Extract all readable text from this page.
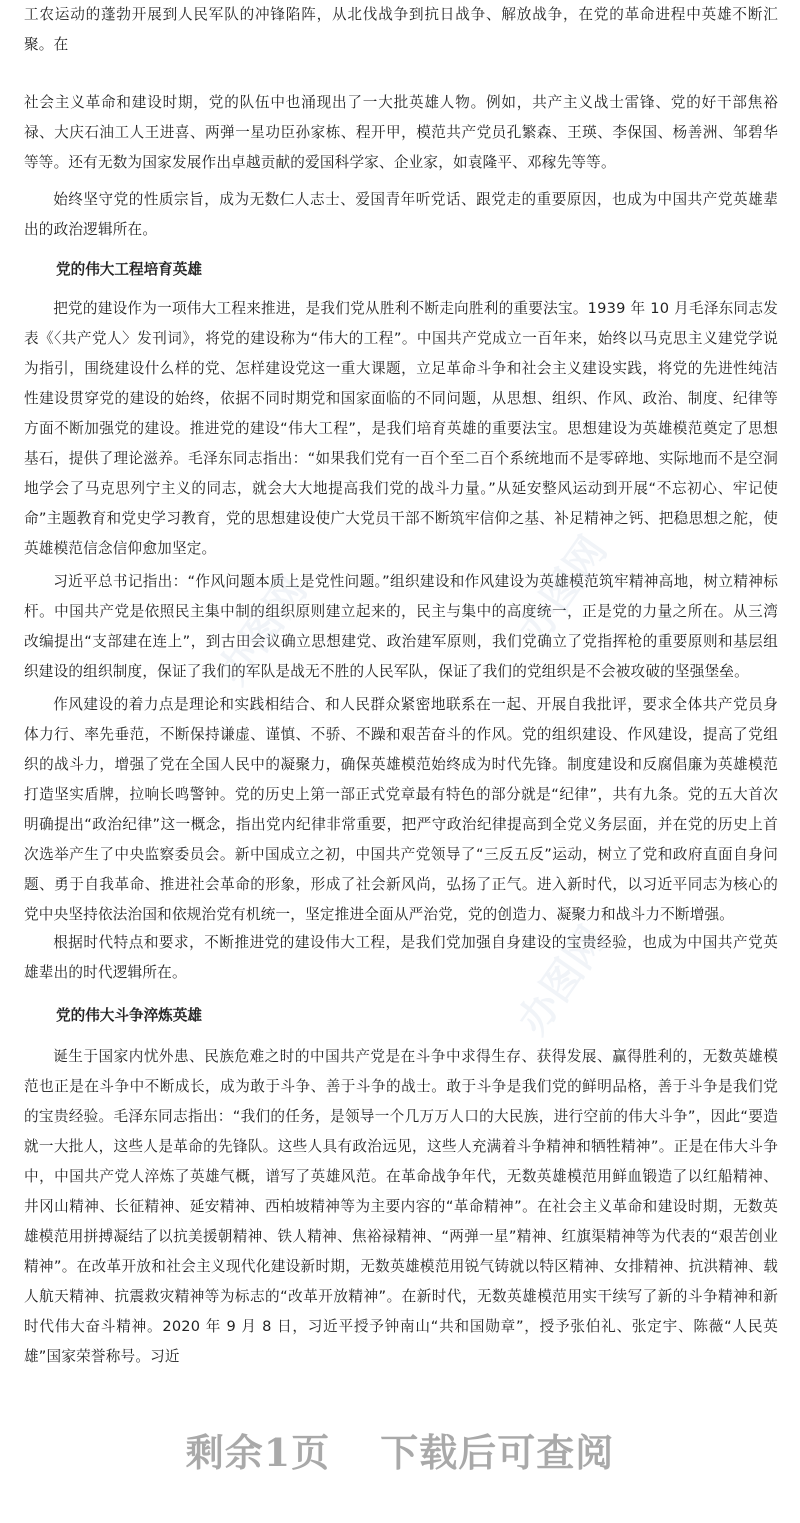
工农运动的蓬勃开展到人民军队的冲锋陷阵，从北伐战争到抗日战争、解放战争，在党的革命进程中英雄不断汇聚。在

社会主义革命和建设时期，党的队伍中也涌现出了一大批英雄人物。例如，共产主义战士雷锋、党的好干部焦裕禄、大庆石油工人王进喜、两弹一星功臣孙家栋、程开甲，模范共产党员孔繁森、王瑛、李保国、杨善洲、邹碧华等等。还有无数为国家发展作出卓越贡献的爱国科学家、企业家，如袁隆平、邓稼先等等。

始终坚守党的性质宗旨，成为无数仁人志士、爱国青年听党话、跟党走的重要原因，也成为中国共产党英雄辈出的政治逻辑所在。

党的伟大工程培育英雄

把党的建设作为一项伟大工程来推进，是我们党从胜利不断走向胜利的重要法宝。1939 年 10 月毛泽东同志发表《〈共产党人〉发刊词》，将党的建设称为“伟大的工程”。中国共产党成立一百年来，始终以马克思主义建党学说为指引，围绕建设什么样的党、怎样建设党这一重大课题，立足革命斗争和社会主义建设实践，将党的先进性纯洁性建设贯穿党的建设的始终，依据不同时期党和国家面临的不同问题，从思想、组织、作风、政治、制度、纪律等方面不断加强党的建设。推进党的建设“伟大工程”，是我们培育英雄的重要法宝。思想建设为英雄模范奠定了思想基石，提供了理论滋养。毛泽东同志指出：“如果我们党有一百个至二百个系统地而不是零碎地、实际地而不是空洞地学会了马克思列宁主义的同志，就会大大地提高我们党的战斗力量。”从延安整风运动到开展“不忘初心、牢记使命”主题教育和党史学习教育，党的思想建设使广大党员干部不断筑牢信仰之基、补足精神之钙、把稳思想之舵，使英雄模范信念信仰愈加坚定。

习近平总书记指出：“作风问题本质上是党性问题。”组织建设和作风建设为英雄模范筑牢精神高地，树立精神标杆。中国共产党是依照民主集中制的组织原则建立起来的，民主与集中的高度统一，正是党的力量之所在。从三湾改编提出“支部建在连上”，到古田会议确立思想建党、政治建军原则，我们党确立了党指挥枪的重要原则和基层组织建设的组织制度，保证了我们的军队是战无不胜的人民军队，保证了我们的党组织是不会被攻破的坚强堡垒。

作风建设的着力点是理论和实践相结合、和人民群众紧密地联系在一起、开展自我批评，要求全体共产党员身体力行、率先垂范，不断保持谦虚、谨慎、不骄、不躁和艰苦奋斗的作风。党的组织建设、作风建设，提高了党组织的战斗力，增强了党在全国人民中的凝聚力，确保英雄模范始终成为时代先锋。制度建设和反腐倡廉为英雄模范打造坚实盾牌，拉响长鸣警钟。党的历史上第一部正式党章最有特色的部分就是“纪律”，共有九条。党的五大首次明确提出“政治纪律”这一概念，指出党内纪律非常重要，把严守政治纪律提高到全党义务层面，并在党的历史上首次选举产生了中央监察委员会。新中国成立之初，中国共产党领导了“三反五反”运动，树立了党和政府直面自身问题、勇于自我革命、推进社会革命的形象，形成了社会新风尚，弘扬了正气。进入新时代，以习近平同志为核心的党中央坚持依法治国和依规治党有机统一，坚定推进全面从严治党，党的创造力、凝聚力和战斗力不断增强。

根据时代特点和要求，不断推进党的建设伟大工程，是我们党加强自身建设的宝贵经验，也成为中国共产党英雄辈出的时代逻辑所在。

党的伟大斗争淬炼英雄

诞生于国家内忧外患、民族危难之时的中国共产党是在斗争中求得生存、获得发展、赢得胜利的，无数英雄模范也正是在斗争中不断成长，成为敢于斗争、善于斗争的战士。敢于斗争是我们党的鲜明品格，善于斗争是我们党的宝贵经验。毛泽东同志指出：“我们的任务，是领导一个几万万人口的大民族，进行空前的伟大斗争”，因此“要造就一大批人，这些人是革命的先锋队。这些人具有政治远见，这些人充满着斗争精神和牺牲精神”。正是在伟大斗争中，中国共产党人淬炼了英雄气概，谱写了英雄风范。在革命战争年代，无数英雄模范用鲜血锻造了以红船精神、井冈山精神、长征精神、延安精神、西柏坡精神等为主要内容的“革命精神”。在社会主义革命和建设时期，无数英雄模范用拼搏凝结了以抗美援朝精神、铁人精神、焦裕禄精神、“两弹一星”精神、红旗渠精神等为代表的“艰苦创业精神”。在改革开放和社会主义现代化建设新时期，无数英雄模范用锐气铸就以特区精神、女排精神、抗洪精神、载人航天精神、抗震救灾精神等为标志的“改革开放精神”。在新时代，无数英雄模范用实干续写了新的斗争精神和新时代伟大奋斗精神。2020 年 9 月 8 日，习近平授予钟南山“共和国勋章”，授予张伯礼、张定宇、陈薇“人民英雄”国家荣誉称号。习近

办图网	办图网
办图网
剩余1页 下载后可查阅
